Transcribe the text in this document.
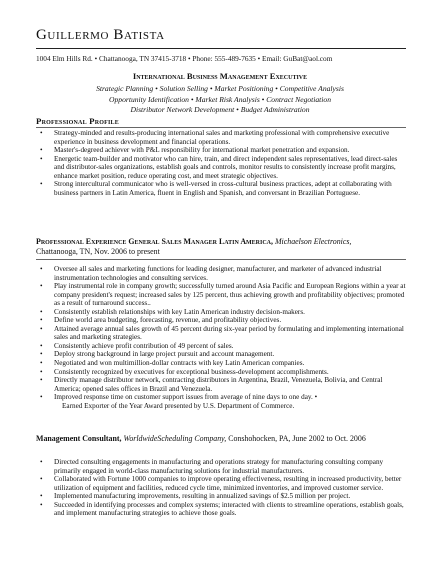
Guillermo Batista
1004 Elm Hills Rd. • Chattanooga, TN 37415-3718 • Phone: 555-489-7635 • Email: GuBat@aol.com
International Business Management Executive
Strategic Planning • Solution Selling • Market Positioning • Competitive Analysis
Opportunity Identification • Market Risk Analysis • Contract Negotiation
Distributor Network Development • Budget Administration
Professional Profile
• Strategy-minded and results-producing international sales and marketing professional with comprehensive executive experience in business development and financial operations.
• Master's-degreed achiever with P&L responsibility for international market penetration and expansion.
• Energetic team-builder and motivator who can hire, train, and direct independent sales representatives, lead direct-sales and distributor-sales organizations, establish goals and controls, monitor results to consistently increase profit margins, enhance market position, reduce operating cost, and meet strategic objectives.
• Strong intercultural communicator who is well-versed in cross-cultural business practices, adept at collaborating with business partners in Latin America, fluent in English and Spanish, and conversant in Brazilian Portuguese.
Professional Experience General Sales Manager Latin America, Michaelson Electronics,
Chattanooga, TN, Nov. 2006 to present
• Oversee all sales and marketing functions for leading designer, manufacturer, and marketer of advanced industrial instrumentation technologies and consulting services.
• Play instrumental role in company growth; successfully turned around Asia Pacific and European Regions within a year at company president's request; increased sales by 125 percent, thus achieving growth and profitability objectives; promoted as a result of turnaround success..
• Consistently establish relationships with key Latin American industry decision-makers.
• Define world area budgeting, forecasting, revenue, and profitability objectives.
• Attained average annual sales growth of 45 percent during six-year period by formulating and implementing international sales and marketing strategies.
• Consistently achieve profit contribution of 49 percent of sales.
• Deploy strong background in large project pursuit and account management.
• Negotiated and won multimillion-dollar contracts with key Latin American companies.
• Consistently recognized by executives for exceptional business-development accomplishments.
• Directly manage distributor network, contracting distributors in Argentina, Brazil, Venezuela, Bolivia, and Central America; opened sales offices in Brazil and Venezuela.
• Improved response time on customer support issues from average of nine days to one day. •
Earned Exporter of the Year Award presented by U.S. Department of Commerce.
Management Consultant, WorldwideScheduling Company, Conshohocken, PA, June 2002 to Oct. 2006
• Directed consulting engagements in manufacturing and operations strategy for manufacturing consulting company primarily engaged in world-class manufacturing solutions for industrial manufacturers.
• Collaborated with Fortune 1000 companies to improve operating effectiveness, resulting in increased productivity, better utilization of equipment and facilities, reduced cycle time, minimized inventories, and improved customer service.
• Implemented manufacturing improvements, resulting in annualized savings of $2.5 million per project.
• Succeeded in identifying processes and complex systems; interacted with clients to streamline operations, establish goals, and implement manufacturing strategies to achieve those goals.
